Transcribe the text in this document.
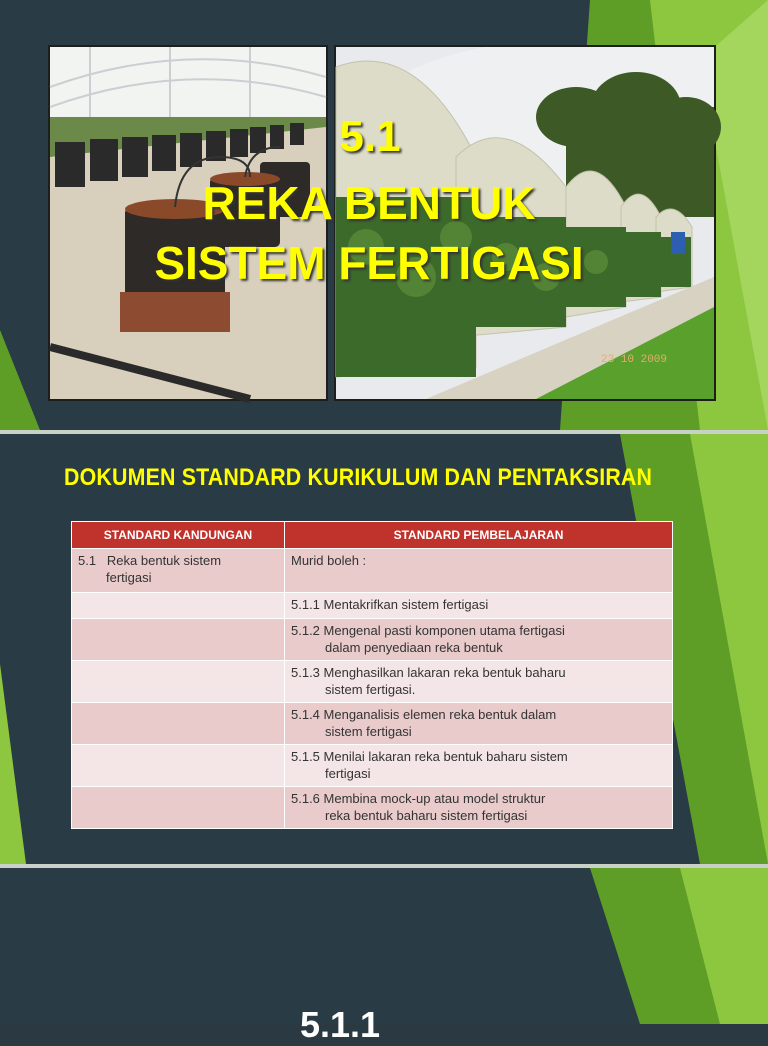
23 10 2009
5.1
REKA BENTUK
SISTEM FERTIGASI
DOKUMEN STANDARD KURIKULUM DAN PENTAKSIRAN
STANDARD KANDUNGAN	STANDARD PEMBELAJARAN
5.1 Reka bentuk sistem
fertigasi	Murid boleh :
	5.1.1 Mentakrifkan sistem fertigasi
	5.1.2 Mengenal pasti komponen utama fertigasi
dalam penyediaan reka bentuk

	5.1.3 Menghasilkan lakaran reka bentuk baharu
sistem fertigasi.

	5.1.4 Menganalisis elemen reka bentuk dalam
sistem fertigasi

	5.1.5 Menilai lakaran reka bentuk baharu sistem
fertigasi

	5.1.6 Membina mock-up atau model struktur
reka bentuk baharu sistem fertigasi
5.1.1
